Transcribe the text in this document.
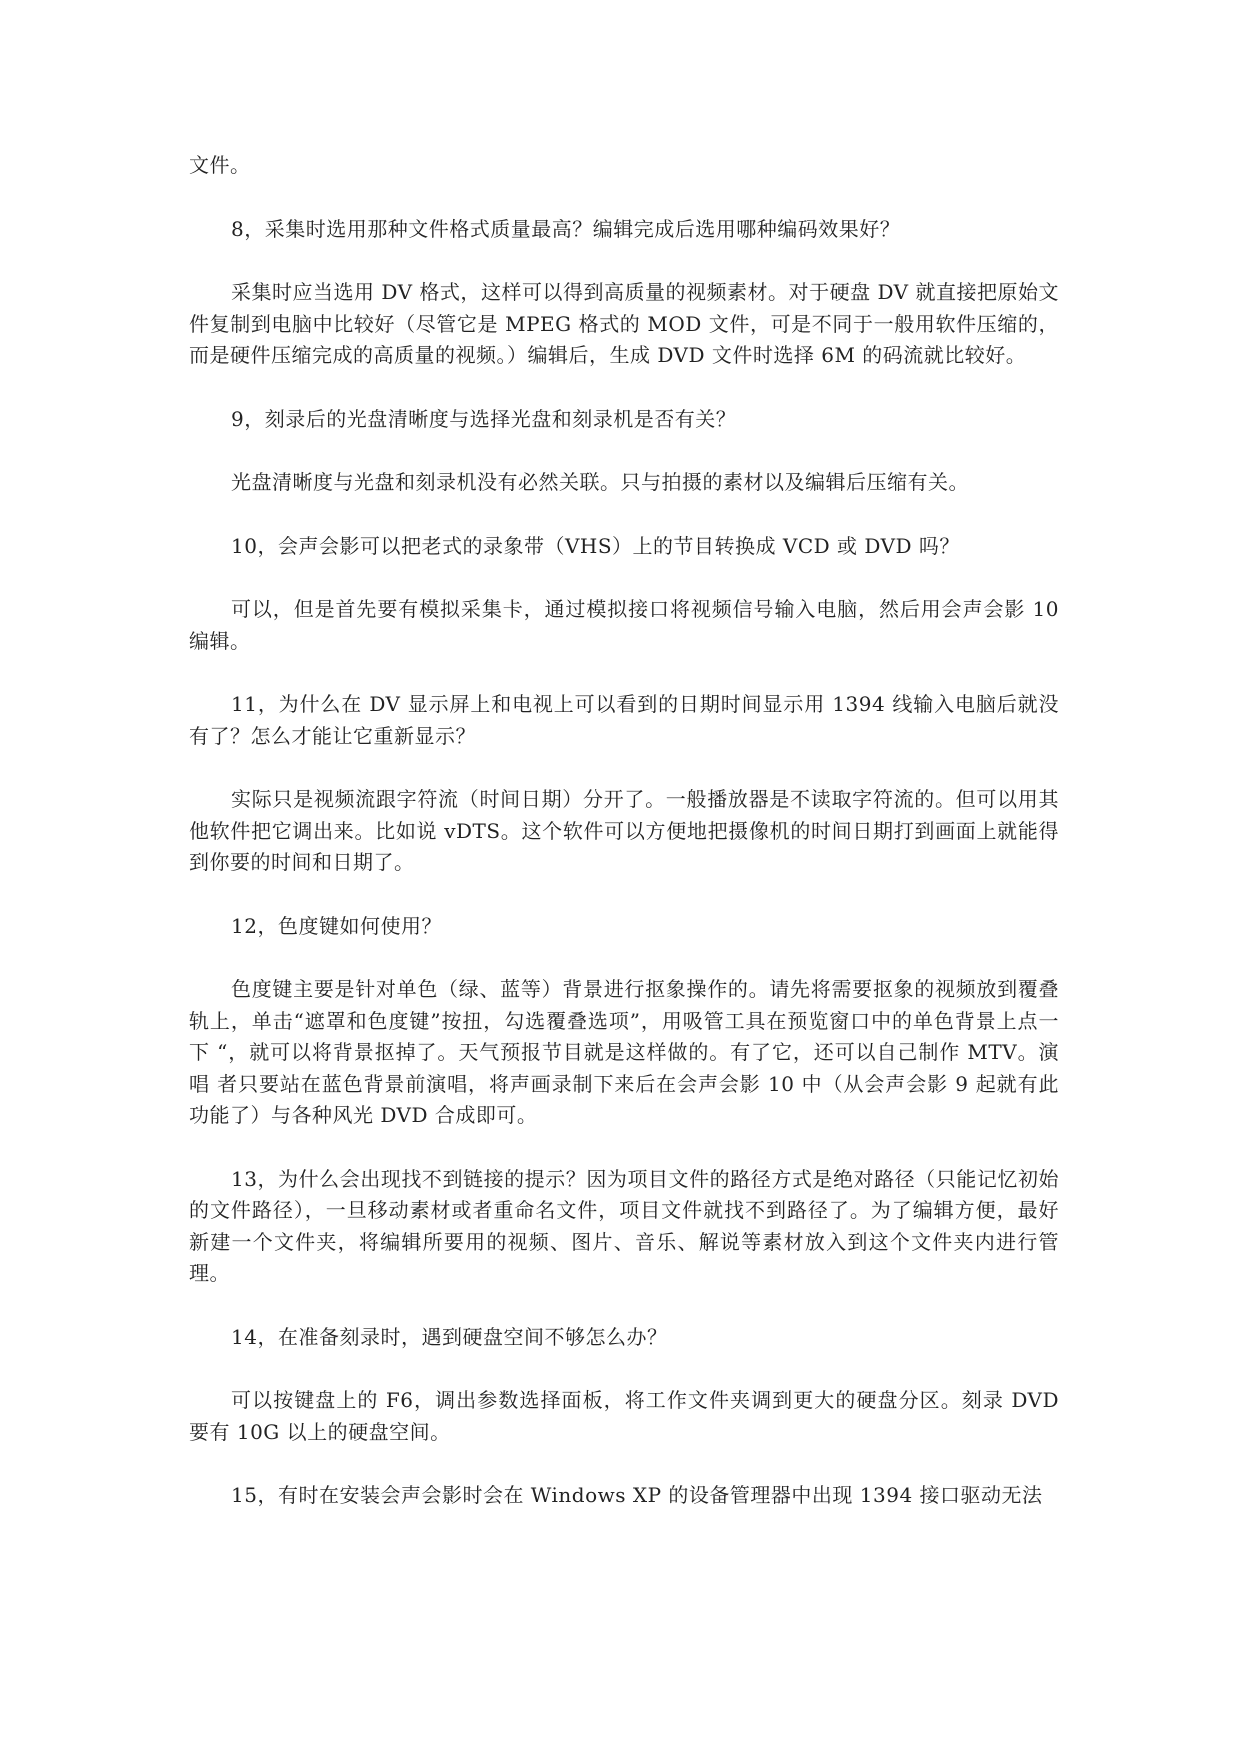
文件。

8，采集时选用那种文件格式质量最高？编辑完成后选用哪种编码效果好？

采集时应当选用 DV 格式，这样可以得到高质量的视频素材。对于硬盘 DV 就直接把原始文件复制到电脑中比较好（尽管它是 MPEG 格式的 MOD 文件，可是不同于一般用软件压缩的，而是硬件压缩完成的高质量的视频。）编辑后，生成 DVD 文件时选择 6M 的码流就比较好。

9，刻录后的光盘清晰度与选择光盘和刻录机是否有关？

光盘清晰度与光盘和刻录机没有必然关联。只与拍摄的素材以及编辑后压缩有关。

10，会声会影可以把老式的录象带（VHS）上的节目转换成 VCD 或 DVD 吗？

可以，但是首先要有模拟采集卡，通过模拟接口将视频信号输入电脑，然后用会声会影 10 编辑。

11，为什么在 DV 显示屏上和电视上可以看到的日期时间显示用 1394 线输入电脑后就没有了？怎么才能让它重新显示？

实际只是视频流跟字符流（时间日期）分开了。一般播放器是不读取字符流的。但可以用其他软件把它调出来。比如说 vDTS。这个软件可以方便地把摄像机的时间日期打到画面上就能得到你要的时间和日期了。

12，色度键如何使用？

色度键主要是针对单色（绿、蓝等）背景进行抠象操作的。请先将需要抠象的视频放到覆叠轨上，单击“遮罩和色度键”按扭，勾选覆叠选项”，用吸管工具在预览窗口中的单色背景上点一下 “，就可以将背景抠掉了。天气预报节目就是这样做的。有了它，还可以自己制作 MTV。演唱 者只要站在蓝色背景前演唱，将声画录制下来后在会声会影 10 中（从会声会影 9 起就有此功能了）与各种风光 DVD 合成即可。

13，为什么会出现找不到链接的提示？因为项目文件的路径方式是绝对路径（只能记忆初始的文件路径），一旦移动素材或者重命名文件，项目文件就找不到路径了。为了编辑方便，最好新建一个文件夹，将编辑所要用的视频、图片、音乐、解说等素材放入到这个文件夹内进行管理。

14，在准备刻录时，遇到硬盘空间不够怎么办？

可以按键盘上的 F6，调出参数选择面板，将工作文件夹调到更大的硬盘分区。刻录 DVD 要有 10G 以上的硬盘空间。

15，有时在安装会声会影时会在 Windows XP 的设备管理器中出现 1394 接口驱动无法
